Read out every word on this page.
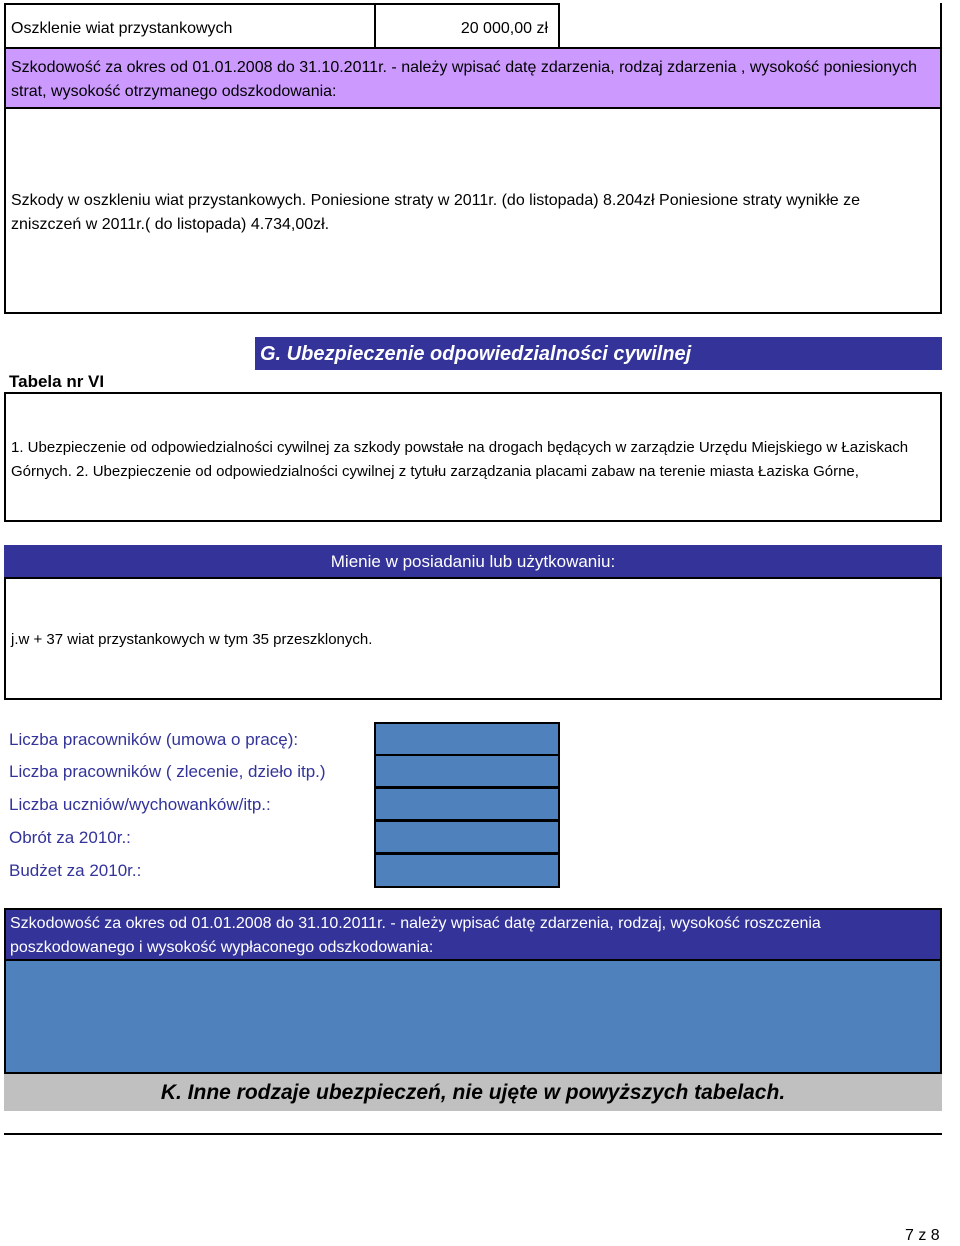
Oszklenie wiat przystankowych	20 000,00 zł
Szkodowość za okres od 01.01.2008 do 31.10.2011r. - należy wpisać datę zdarzenia, rodzaj zdarzenia , wysokość poniesionych strat, wysokość otrzymanego odszkodowania:
Szkody w oszkleniu wiat przystankowych. Poniesione straty w 2011r. (do listopada) 8.204zł Poniesione straty wynikłe ze zniszczeń w 2011r.( do listopada) 4.734,00zł.
Tabela nr VI
G. Ubezpieczenie odpowiedzialności cywilnej
1. Ubezpieczenie od odpowiedzialności cywilnej za szkody powstałe na drogach będących w zarządzie Urzędu Miejskiego w Łaziskach Górnych. 2. Ubezpieczenie od odpowiedzialności cywilnej z tytułu zarządzania placami zabaw na terenie miasta Łaziska Górne,
Mienie w posiadaniu lub użytkowaniu:
j.w + 37 wiat przystankowych w tym 35 przeszklonych.
Liczba pracowników (umowa o pracę):
Liczba pracowników ( zlecenie, dzieło itp.)
Liczba uczniów/wychowanków/itp.:
Obrót za 2010r.:
Budżet za 2010r.:
Szkodowość za okres od 01.01.2008 do 31.10.2011r. - należy wpisać datę zdarzenia, rodzaj, wysokość roszczenia poszkodowanego i wysokość wypłaconego odszkodowania:
K. Inne rodzaje ubezpieczeń, nie ujęte w powyższych tabelach.
7 z 8
